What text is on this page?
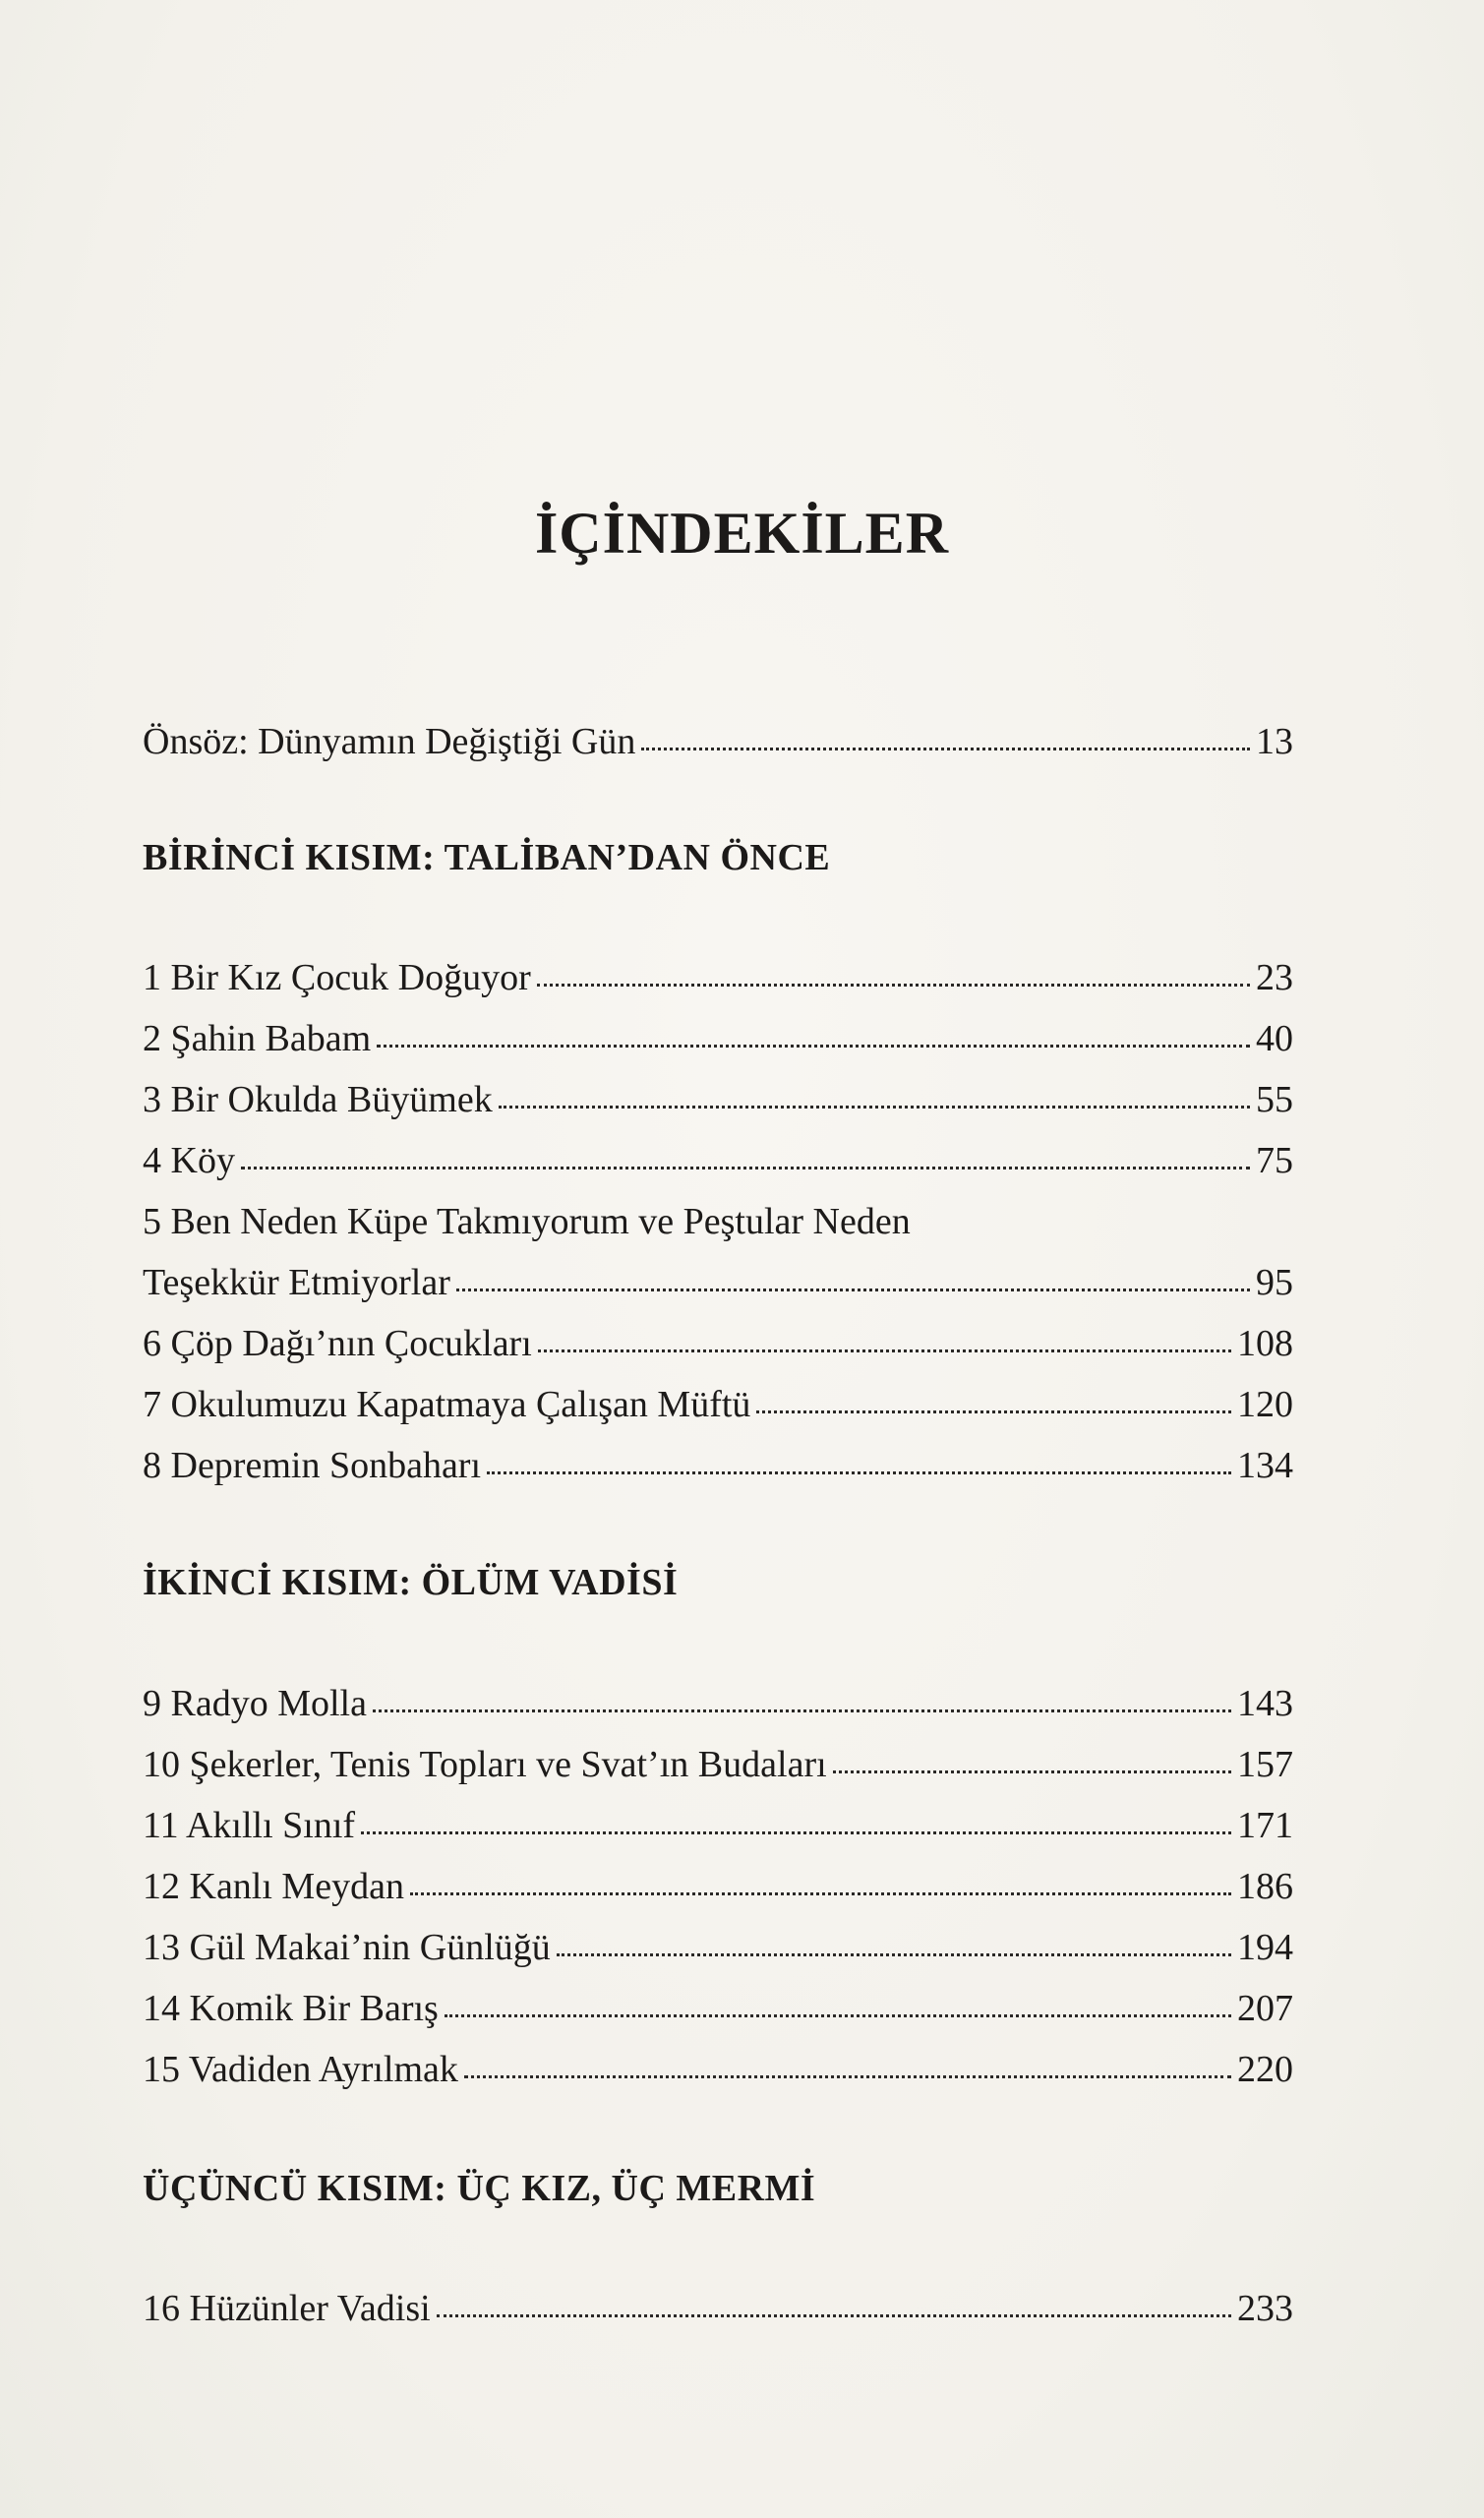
İÇİNDEKİLER
Önsöz: Dünyamın Değiştiği Gün	13
BİRİNCİ KISIM: TALİBAN’DAN ÖNCE
1 Bir Kız Çocuk Doğuyor	23
2 Şahin Babam	40
3 Bir Okulda Büyümek	55
4 Köy	75
5 Ben Neden Küpe Takmıyorum ve Peştular Neden
Teşekkür Etmiyorlar	95
6 Çöp Dağı’nın Çocukları	108
7 Okulumuzu Kapatmaya Çalışan Müftü	120
8 Depremin Sonbaharı	134
İKİNCİ KISIM: ÖLÜM VADİSİ
9 Radyo Molla	143
10 Şekerler, Tenis Topları ve Svat’ın Budaları	157
11 Akıllı Sınıf	171
12 Kanlı Meydan	186
13 Gül Makai’nin Günlüğü	194
14 Komik Bir Barış	207
15 Vadiden Ayrılmak	220
ÜÇÜNCÜ KISIM: ÜÇ KIZ, ÜÇ MERMİ
16 Hüzünler Vadisi	233
